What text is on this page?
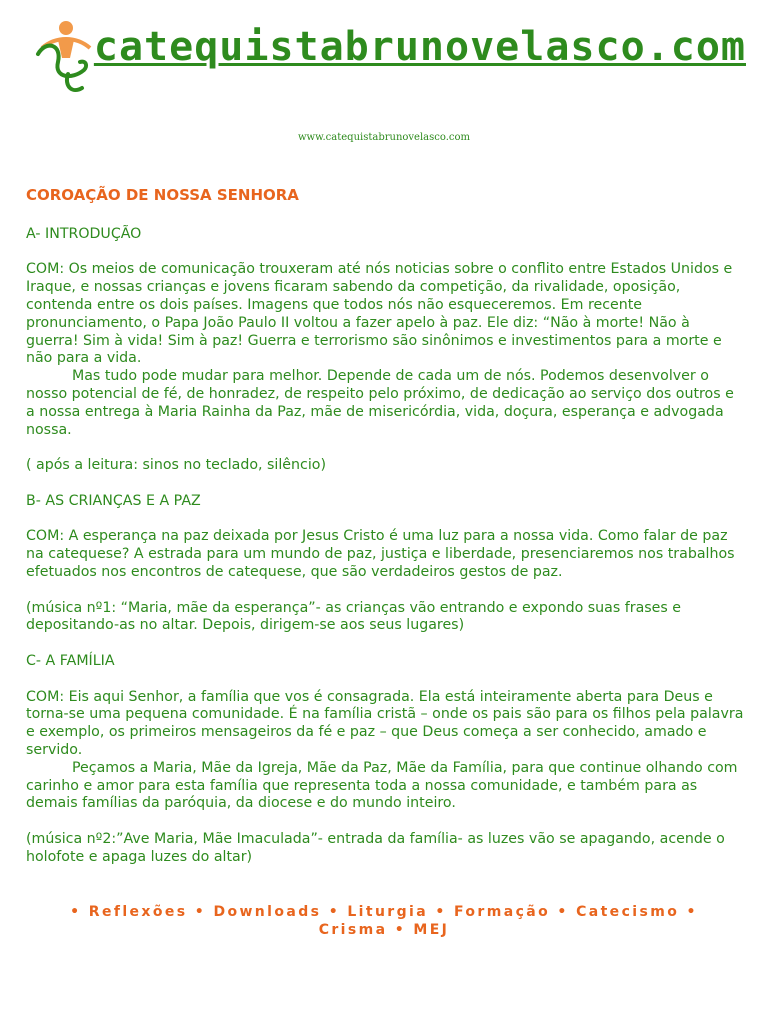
catequistabrunovelasco.com
www.catequistabrunovelasco.com
COROAÇÃO DE NOSSA SENHORA

A- INTRODUÇÃO

COM: Os meios de comunicação trouxeram até nós noticias sobre o conflito entre Estados Unidos e Iraque, e nossas crianças e jovens ficaram sabendo da competição, da rivalidade, oposição, contenda entre os dois países. Imagens que todos nós não esqueceremos. Em recente pronunciamento, o Papa João Paulo II voltou a fazer apelo à paz. Ele diz: “Não à morte! Não à guerra! Sim à vida! Sim à paz! Guerra e terrorismo são sinônimos e investimentos para a morte e não para a vida.

Mas tudo pode mudar para melhor. Depende de cada um de nós. Podemos desenvolver o nosso potencial de fé, de honradez, de respeito pelo próximo, de dedicação ao serviço dos outros e a nossa entrega à Maria Rainha da Paz, mãe de misericórdia, vida, doçura, esperança e advogada nossa.

( após a leitura: sinos no teclado, silêncio)

B- AS CRIANÇAS E A PAZ

COM: A esperança na paz deixada por Jesus Cristo é uma luz para a nossa vida. Como falar de paz na catequese? A estrada para um mundo de paz, justiça e liberdade, presenciaremos nos trabalhos efetuados nos encontros de catequese, que são verdadeiros gestos de paz.

(música nº1: “Maria, mãe da esperança”- as crianças vão entrando e expondo suas frases e depositando-as no altar. Depois, dirigem-se aos seus lugares)

C- A FAMÍLIA

COM: Eis aqui Senhor, a família que vos é consagrada. Ela está inteiramente aberta para Deus e torna-se uma pequena comunidade. É na família cristã – onde os pais são para os filhos pela palavra e exemplo, os primeiros mensageiros da fé e paz – que Deus começa a ser conhecido, amado e servido.

Peçamos a Maria, Mãe da Igreja, Mãe da Paz, Mãe da Família, para que continue olhando com carinho e amor para esta família que representa toda a nossa comunidade, e também para as demais famílias da paróquia, da diocese e do mundo inteiro.

(música nº2:”Ave Maria, Mãe Imaculada”- entrada da família- as luzes vão se apagando, acende o holofote e apaga luzes do altar)

• Reflexões • Downloads • Liturgia • Formação • Catecismo • Crisma • MEJ
